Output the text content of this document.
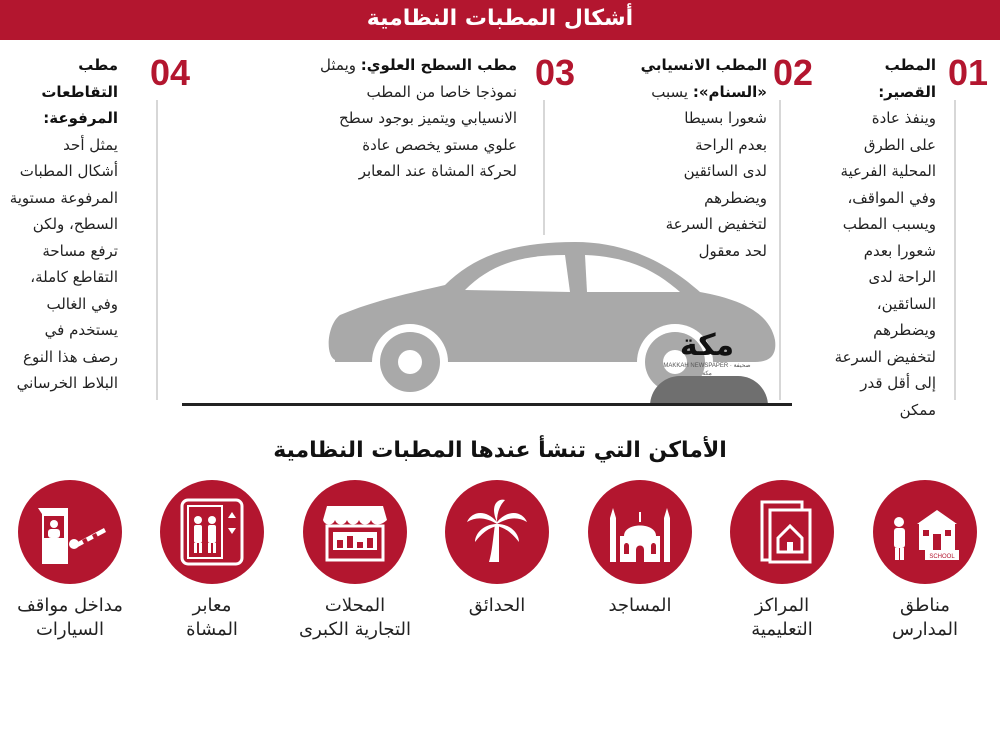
أشكال المطبات النظامية
01

المطب القصير:

وينفذ عادة

على الطرق

المحلية الفرعية

وفي المواقف،

ويسبب المطب

شعورا بعدم

الراحة لدى

السائقين،

ويضطرهم

لتخفيض السرعة

إلى أقل قدر

ممكن

02

المطب الانسيابي

«السنام»: يسبب

شعورا بسيطا

بعدم الراحة

لدى السائقين

ويضطرهم

لتخفيض السرعة

لحد معقول

03

مطب السطح العلوي: ويمثل

نموذجا خاصا من المطب

الانسيابي ويتميز بوجود سطح

علوي مستو يخصص عادة

لحركة المشاة عند المعابر

04

مطب

التقاطعات

المرفوعة:

يمثل أحد

أشكال المطبات

المرفوعة مستوية

السطح، ولكن

ترفع مساحة

التقاطع كاملة،

وفي الغالب

يستخدم في

رصف هذا النوع

البلاط الخرساني

مكة
MAKKAH NEWSPAPER · صحيفة مكة
الأماكن التي تنشأ عندها المطبات النظامية
SCHOOL
مناطق
المدارس
المراكز
التعليمية
المساجد
الحدائق
المحلات
التجارية الكبرى
معابر
المشاة
مداخل مواقف
السيارات
